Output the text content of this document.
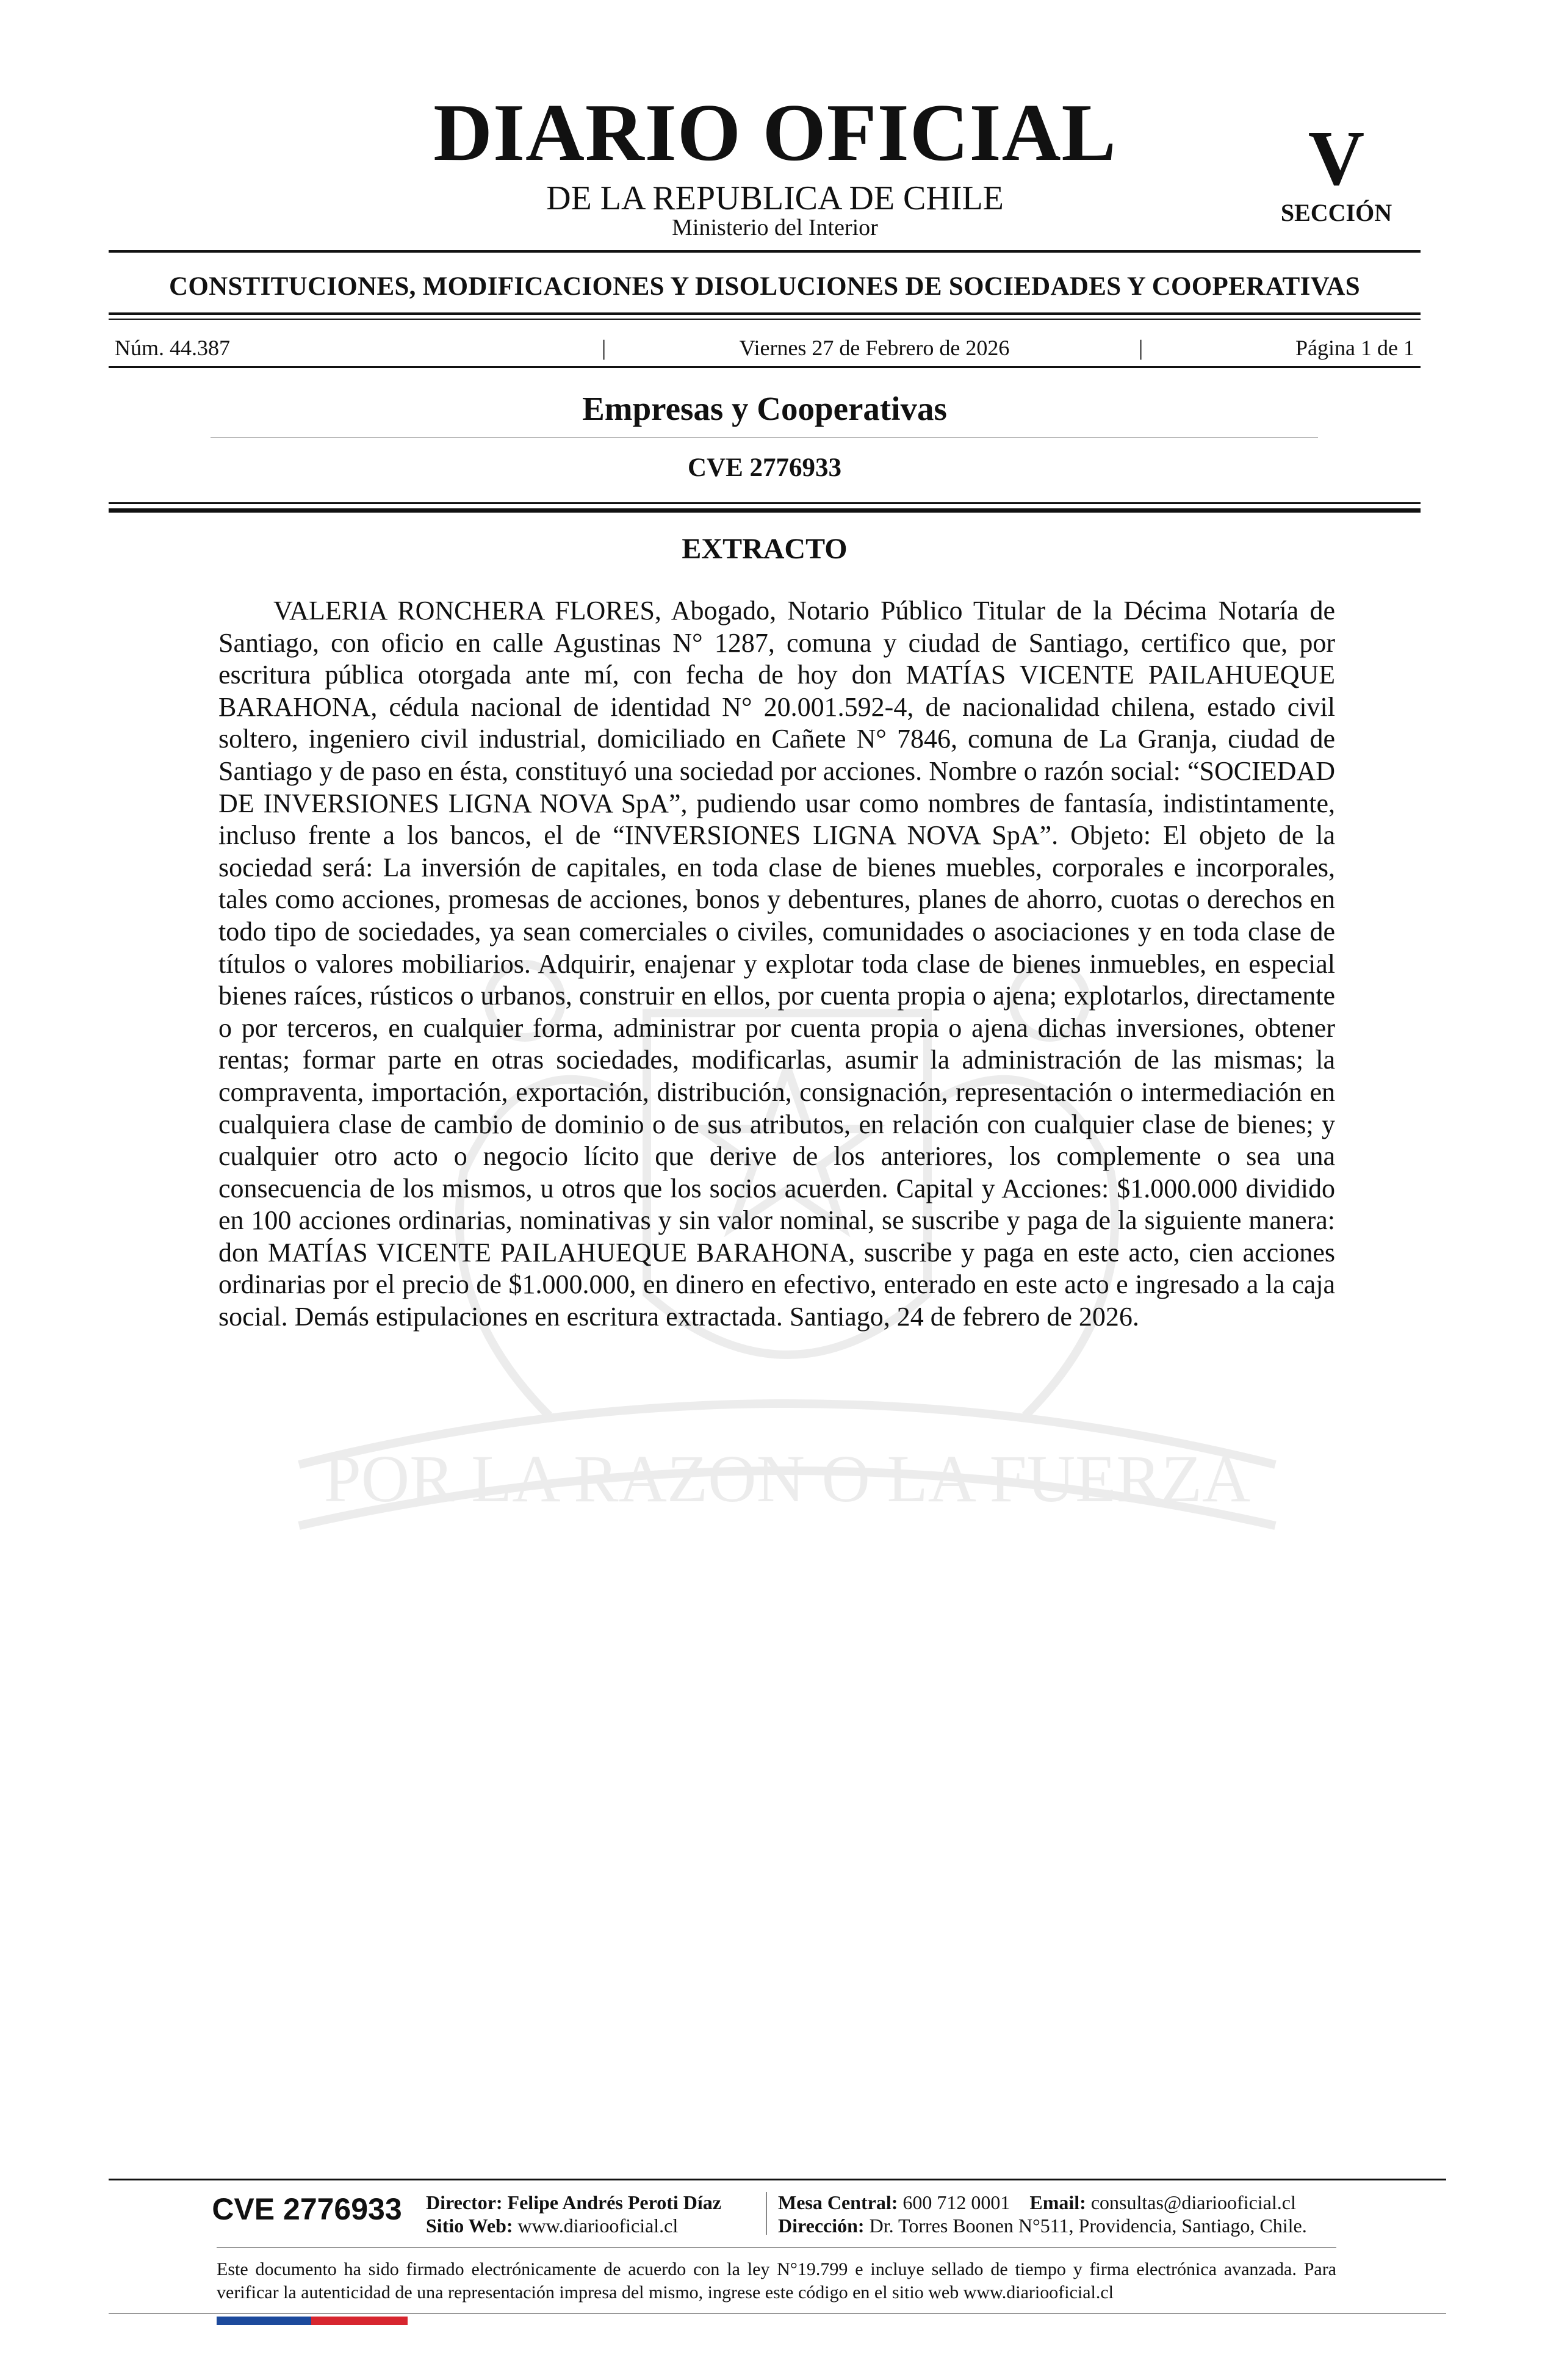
POR LA RAZON O LA FUERZA
DIARIO OFICIAL
DE LA REPUBLICA DE CHILE
Ministerio del Interior
V
SECCIÓN
CONSTITUCIONES, MODIFICACIONES Y DISOLUCIONES DE SOCIEDADES Y COOPERATIVAS
Núm. 44.387	|	Viernes 27 de Febrero de 2026	|	Página 1 de 1
Empresas y Cooperativas
CVE 2776933
EXTRACTO

VALERIA RONCHERA FLORES, Abogado, Notario Público Titular de la Décima Notaría de Santiago, con oficio en calle Agustinas N° 1287, comuna y ciudad de Santiago, certifico que, por escritura pública otorgada ante mí, con fecha de hoy don MATÍAS VICENTE PAILAHUEQUE BARAHONA, cédula nacional de identidad N° 20.001.592-4, de nacionalidad chilena, estado civil soltero, ingeniero civil industrial, domiciliado en Cañete N° 7846, comuna de La Granja, ciudad de Santiago y de paso en ésta, constituyó una sociedad por acciones. Nombre o razón social: “SOCIEDAD DE INVERSIONES LIGNA NOVA SpA”, pudiendo usar como nombres de fantasía, indistintamente, incluso frente a los bancos, el de “INVERSIONES LIGNA NOVA SpA”. Objeto: El objeto de la sociedad será: La inversión de capitales, en toda clase de bienes muebles, corporales e incorporales, tales como acciones, promesas de acciones, bonos y debentures, planes de ahorro, cuotas o derechos en todo tipo de sociedades, ya sean comerciales o civiles, comunidades o asociaciones y en toda clase de títulos o valores mobiliarios. Adquirir, enajenar y explotar toda clase de bienes inmuebles, en especial bienes raíces, rústicos o urbanos, construir en ellos, por cuenta propia o ajena; explotarlos, directamente o por terceros, en cualquier forma, administrar por cuenta propia o ajena dichas inversiones, obtener rentas; formar parte en otras sociedades, modificarlas, asumir la administración de las mismas; la compraventa, importación, exportación, distribución, consignación, representación o intermediación en cualquiera clase de cambio de dominio o de sus atributos, en relación con cualquier clase de bienes; y cualquier otro acto o negocio lícito que derive de los anteriores, los complemente o sea una consecuencia de los mismos, u otros que los socios acuerden. Capital y Acciones: $1.000.000 dividido en 100 acciones ordinarias, nominativas y sin valor nominal, se suscribe y paga de la siguiente manera: don MATÍAS VICENTE PAILAHUEQUE BARAHONA, suscribe y paga en este acto, cien acciones ordinarias por el precio de $1.000.000, en dinero en efectivo, enterado en este acto e ingresado a la caja social. Demás estipulaciones en escritura extractada. Santiago, 24 de febrero de 2026.

CVE 2776933 Director: Felipe Andrés Peroti Díaz
Sitio Web: www.diariooficial.cl
Mesa Central: 600 712 0001 Email: consultas@diariooficial.cl
Dirección: Dr. Torres Boonen N°511, Providencia, Santiago, Chile.

Este documento ha sido firmado electrónicamente de acuerdo con la ley N°19.799 e incluye sellado de tiempo y firma electrónica avanzada. Para verificar la autenticidad de una representación impresa del mismo, ingrese este código en el sitio web www.diariooficial.cl
